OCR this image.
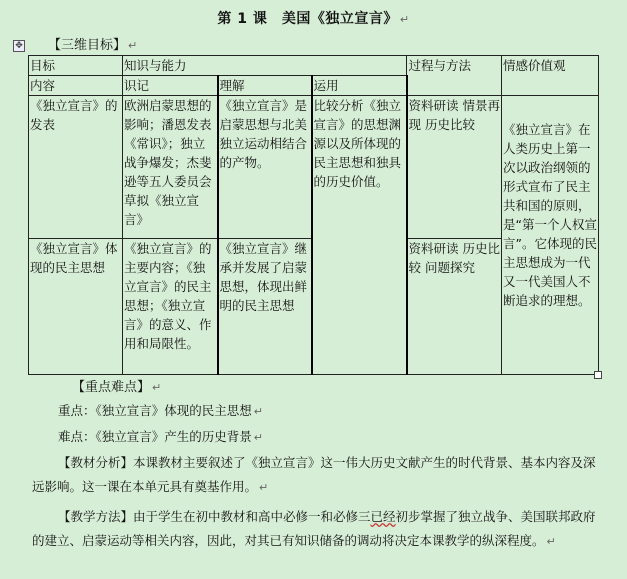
第 1 课　美国《独立宣言》 ↵
✥ 【三维目标】 ↵
目标	知识与能力			过程与方法	情感价值观
内容	识记	理解	运用		
《独立宣言》的发表	欧洲启蒙思想的影响；潘恩发表《常识》；独立战争爆发；杰斐逊等五人委员会草拟《独立宣言》	《独立宣言》是启蒙思想与北美独立运动相结合的产物。	比较分析《独立宣言》的思想渊源以及所体现的民主思想和独具的历史价值。	资料研读 情景再现 历史比较	《独立宣言》在人类历史上第一次以政治纲领的形式宣布了民主共和国的原则，是“第一个人权宣言”。它体现的民主思想成为一代又一代美国人不断追求的理想。
《独立宣言》体现的民主思想	《独立宣言》的主要内容；《独立宣言》的民主思想；《独立宣言》的意义、作用和局限性。	《独立宣言》继承并发展了启蒙思想，体现出鲜明的民主思想		资料研读 历史比较 问题探究	
【重点难点】 ↵
重点：《独立宣言》体现的民主思想 ↵
难点：《独立宣言》产生的历史背景 ↵
【教材分析】本课教材主要叙述了《独立宣言》这一伟大历史文献产生的时代背景、基本内容及深远影响。这一课在本单元具有奠基作用。 ↵
【教学方法】由于学生在初中教材和高中必修一和必修三已经初步掌握了独立战争、美国联邦政府的建立、启蒙运动等相关内容，因此，对其已有知识储备的调动将决定本课教学的纵深程度。 ↵
